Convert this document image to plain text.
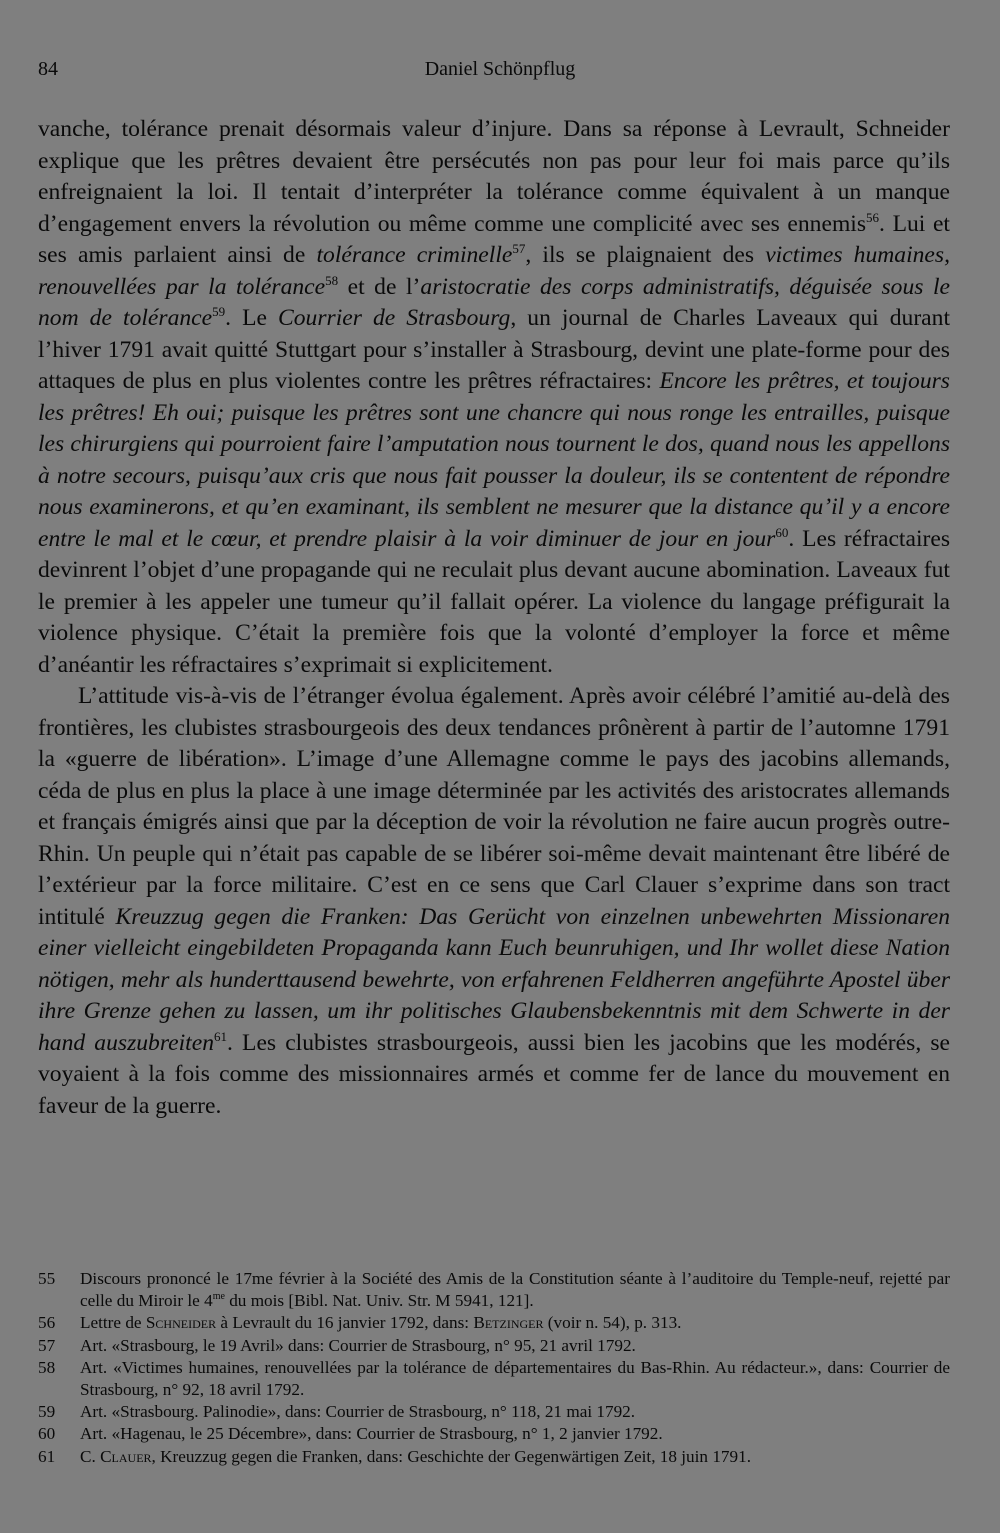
84	Daniel Schönpflug

vanche, tolérance prenait désormais valeur d’injure. Dans sa réponse à Levrault, Schneider explique que les prêtres devaient être persécutés non pas pour leur foi mais parce qu’ils enfreignaient la loi. Il tentait d’interpréter la tolérance comme équivalent à un manque d’engagement envers la révolution ou même comme une complicité avec ses ennemis$^{56}$. Lui et ses amis parlaient ainsi de tolérance criminelle$^{57}$, ils se plaignaient des victimes humaines, renouvellées par la tolérance$^{58}$ et de l’aristocratie des corps administratifs, déguisée sous le nom de tolérance$^{59}$. Le Courrier de Strasbourg, un journal de Charles Laveaux qui durant l’hiver 1791 avait quitté Stuttgart pour s’installer à Strasbourg, devint une plate-forme pour des attaques de plus en plus violentes contre les prêtres réfractaires: Encore les prêtres, et toujours les prêtres! Eh oui; puisque les prêtres sont une chancre qui nous ronge les entrailles, puisque les chirurgiens qui pourroient faire l’amputation nous tournent le dos, quand nous les appellons à notre secours, puisqu’aux cris que nous fait pousser la douleur, ils se contentent de répondre nous examinerons, et qu’en examinant, ils semblent ne mesurer que la distance qu’il y a encore entre le mal et le cœur, et prendre plaisir à la voir diminuer de jour en jour$^{60}$. Les réfractaires devinrent l’objet d’une propagande qui ne reculait plus devant aucune abomination. Laveaux fut le premier à les appeler une tumeur qu’il fallait opérer. La violence du langage préfigurait la violence physique. C’était la première fois que la volonté d’employer la force et même d’anéantir les réfractaires s’exprimait si explicitement.

L’attitude vis-à-vis de l’étranger évolua également. Après avoir célébré l’amitié au-delà des frontières, les clubistes strasbourgeois des deux tendances prônèrent à partir de l’automne 1791 la «guerre de libération». L’image d’une Allemagne comme le pays des jacobins allemands, céda de plus en plus la place à une image déterminée par les activités des aristocrates allemands et français émigrés ainsi que par la déception de voir la révolution ne faire aucun progrès outre-Rhin. Un peuple qui n’était pas capable de se libérer soi-même devait maintenant être libéré de l’extérieur par la force militaire. C’est en ce sens que Carl Clauer s’exprime dans son tract intitulé Kreuzzug gegen die Franken: Das Gerücht von einzelnen unbewehrten Missionaren einer vielleicht eingebildeten Propaganda kann Euch beunruhigen, und Ihr wollet diese Nation nötigen, mehr als hunderttausend bewehrte, von erfahrenen Feldherren angeführte Apostel über ihre Grenze gehen zu lassen, um ihr politisches Glaubensbekenntnis mit dem Schwerte in der hand auszubreiten$^{61}$. Les clubistes strasbourgeois, aussi bien les jacobins que les modérés, se voyaient à la fois comme des missionnaires armés et comme fer de lance du mouvement en faveur de la guerre.

55	Discours prononcé le 17me février à la Société des Amis de la Constitution séante à l’auditoire du Temple-neuf, rejetté par celle du Miroir le $4^{me}$ du mois [Bibl. Nat. Univ. Str. M 5941, 121].
56	Lettre de Schneider à Levrault du 16 janvier 1792, dans: Betzinger (voir n. 54), p. 313.
57	Art. «Strasbourg, le 19 Avril» dans: Courrier de Strasbourg, n° 95, 21 avril 1792.
58	Art. «Victimes humaines, renouvellées par la tolérance de départementaires du Bas-Rhin. Au rédacteur.», dans: Courrier de Strasbourg, n° 92, 18 avril 1792.
59	Art. «Strasbourg. Palinodie», dans: Courrier de Strasbourg, n° 118, 21 mai 1792.
60	Art. «Hagenau, le 25 Décembre», dans: Courrier de Strasbourg, n° 1, 2 janvier 1792.
61	C. Clauer, Kreuzzug gegen die Franken, dans: Geschichte der Gegenwärtigen Zeit, 18 juin 1791.
